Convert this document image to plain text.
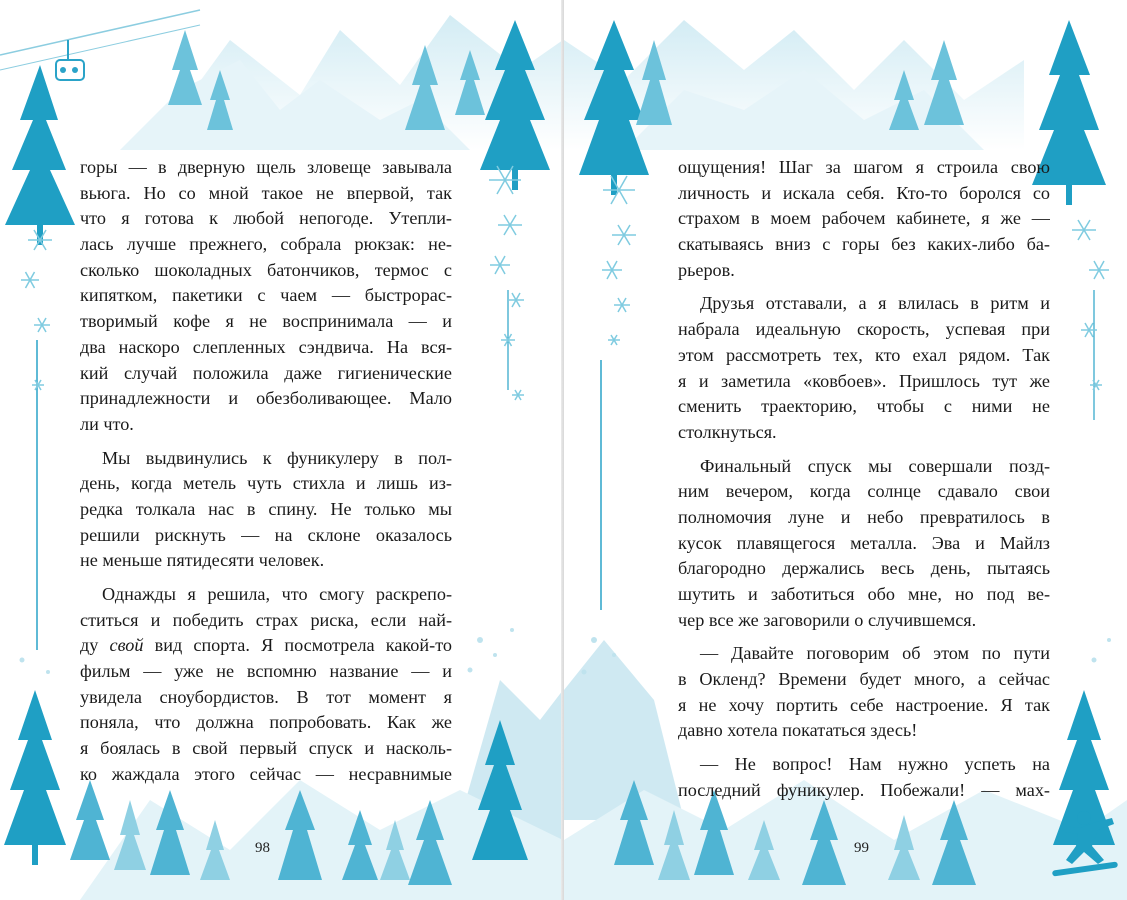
горы — в дверную щель зловеще завывала
вьюга. Но со мной такое не впервой, так
что я готова к любой непогоде. Утепли-
лась лучше прежнего, собрала рюкзак: не-
сколько шоколадных батончиков, термос с
кипятком, пакетики с чаем — быстрорас-
творимый кофе я не воспринимала — и
два наскоро слепленных сэндвича. На вся-
кий случай положила даже гигиенические
принадлежности и обезболивающее. Мало
ли что.
Мы выдвинулись к фуникулеру в пол-
день, когда метель чуть стихла и лишь из-
редка толкала нас в спину. Не только мы
решили рискнуть — на склоне оказалось
не меньше пятидесяти человек.
Однажды я решила, что смогу раскрепо-
ститься и победить страх риска, если най-
ду свой вид спорта. Я посмотрела какой-то
фильм — уже не вспомню название — и
увидела сноубордистов. В тот момент я
поняла, что должна попробовать. Как же
я боялась в свой первый спуск и насколь-
ко жаждала этого сейчас — несравнимые
98
ощущения! Шаг за шагом я строила свою
личность и искала себя. Кто-то боролся со
страхом в моем рабочем кабинете, я же —
скатываясь вниз с горы без каких-либо ба-
рьеров.
Друзья отставали, а я влилась в ритм и
набрала идеальную скорость, успевая при
этом рассмотреть тех, кто ехал рядом. Так
я и заметила «ковбоев». Пришлось тут же
сменить траекторию, чтобы с ними не
столкнуться.
Финальный спуск мы совершали позд-
ним вечером, когда солнце сдавало свои
полномочия луне и небо превратилось в
кусок плавящегося металла. Эва и Майлз
благородно держались весь день, пытаясь
шутить и заботиться обо мне, но под ве-
чер все же заговорили о случившемся.
— Давайте поговорим об этом по пути
в Окленд? Времени будет много, а сейчас
я не хочу портить себе настроение. Я так
давно хотела покататься здесь!
— Не вопрос! Нам нужно успеть на
последний фуникулер. Побежали! — мах-
99
